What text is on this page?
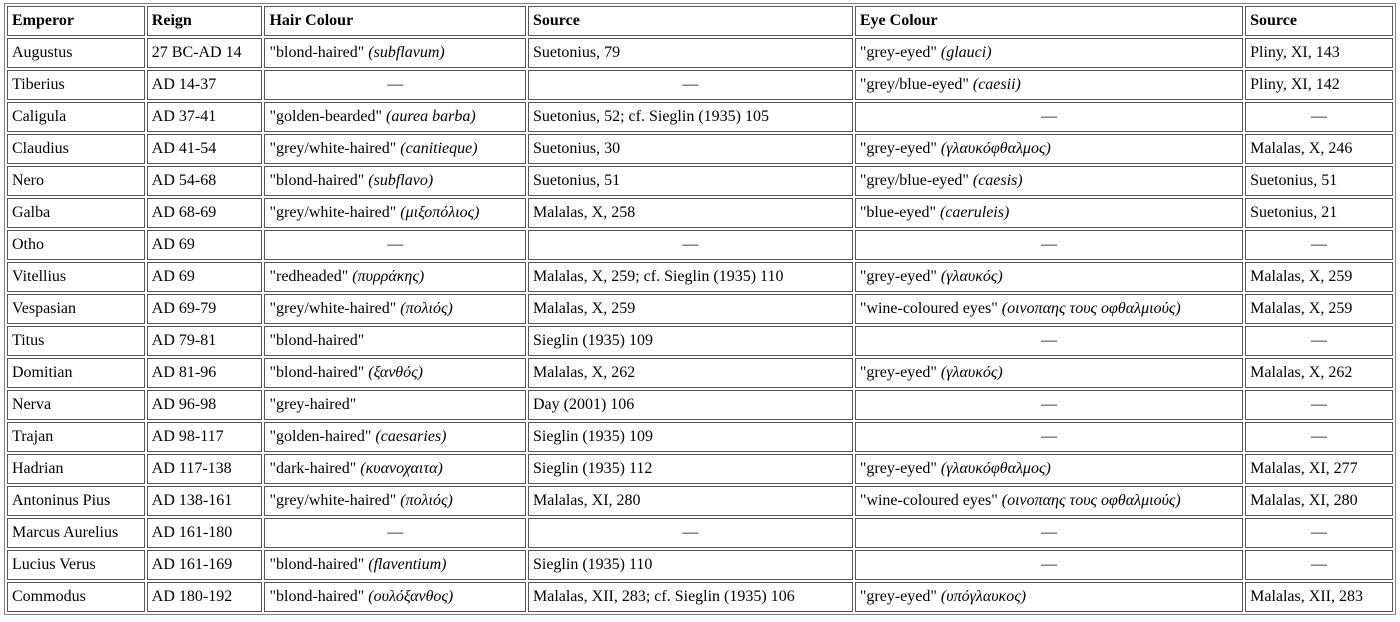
Emperor	Reign	Hair Colour	Source	Eye Colour	Source
Augustus	27 BC-AD 14	"blond-haired" (subflavum)	Suetonius, 79	"grey-eyed" (glauci)	Pliny, XI, 143
Tiberius	AD 14-37	—	—	"grey/blue-eyed" (caesii)	Pliny, XI, 142
Caligula	AD 37-41	"golden-bearded" (aurea barba)	Suetonius, 52; cf. Sieglin (1935) 105	—	—
Claudius	AD 41-54	"grey/white-haired" (canitieque)	Suetonius, 30	"grey-eyed" (γλαυκόφθαλμος)	Malalas, X, 246
Nero	AD 54-68	"blond-haired" (subflavo)	Suetonius, 51	"grey/blue-eyed" (caesis)	Suetonius, 51
Galba	AD 68-69	"grey/white-haired" (μιξοπόλιος)	Malalas, X, 258	"blue-eyed" (caeruleis)	Suetonius, 21
Otho	AD 69	—	—	—	—
Vitellius	AD 69	"redheaded" (πυρράκης)	Malalas, X, 259; cf. Sieglin (1935) 110	"grey-eyed" (γλαυκός)	Malalas, X, 259
Vespasian	AD 69-79	"grey/white-haired" (πολιός)	Malalas, X, 259	"wine-coloured eyes" (οινοπαης τους οφθαλμιούς)	Malalas, X, 259
Titus	AD 79-81	"blond-haired"	Sieglin (1935) 109	—	—
Domitian	AD 81-96	"blond-haired" (ξανθός)	Malalas, X, 262	"grey-eyed" (γλαυκός)	Malalas, X, 262
Nerva	AD 96-98	"grey-haired"	Day (2001) 106	—	—
Trajan	AD 98-117	"golden-haired" (caesaries)	Sieglin (1935) 109	—	—
Hadrian	AD 117-138	"dark-haired" (κυανοχαιτα)	Sieglin (1935) 112	"grey-eyed" (γλαυκόφθαλμος)	Malalas, XI, 277
Antoninus Pius	AD 138-161	"grey/white-haired" (πολιός)	Malalas, XI, 280	"wine-coloured eyes" (οινοπαης τους οφθαλμιούς)	Malalas, XI, 280
Marcus Aurelius	AD 161-180	—	—	—	—
Lucius Verus	AD 161-169	"blond-haired" (flaventium)	Sieglin (1935) 110	—	—
Commodus	AD 180-192	"blond-haired" (ουλόξανθος)	Malalas, XII, 283; cf. Sieglin (1935) 106	"grey-eyed" (υπόγλαυκος)	Malalas, XII, 283
